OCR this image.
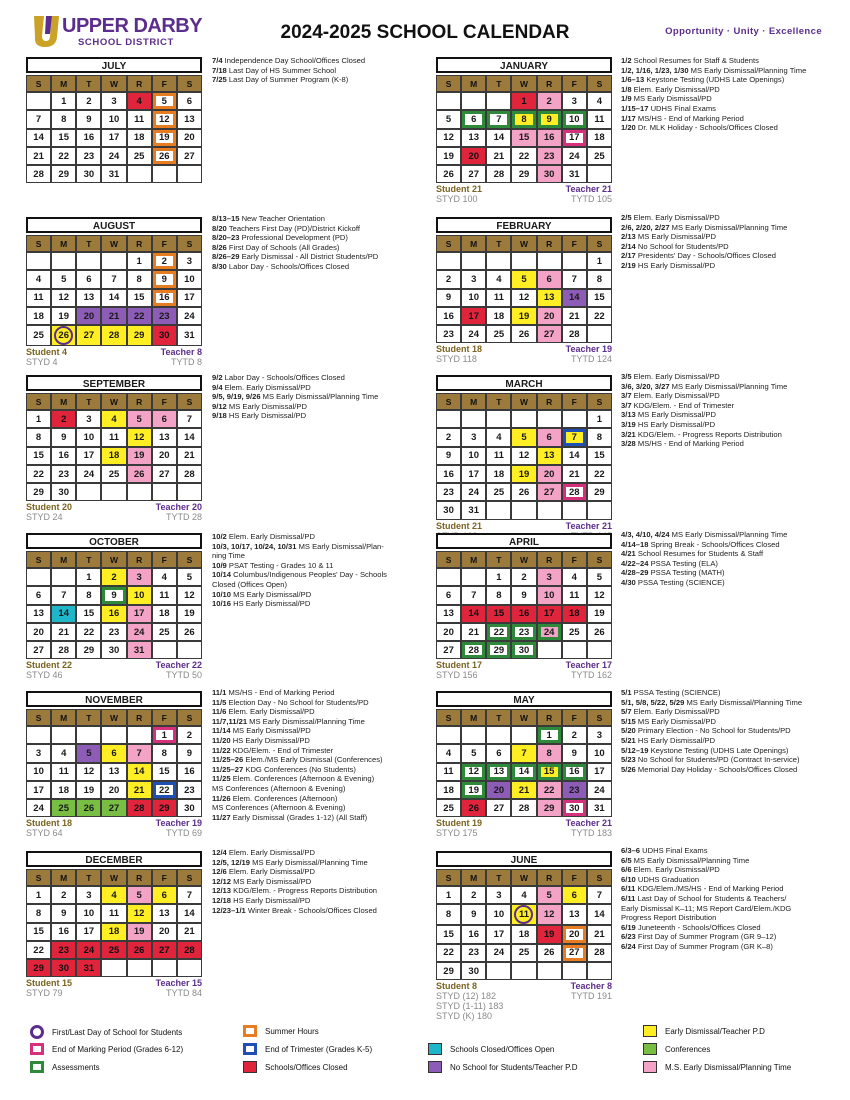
UPPER DARBY
SCHOOL DISTRICT	2024-2025 SCHOOL CALENDAR	Opportunity · Unity · Excellence
JULY
S	M	T	W	R	F	S
	1	2	3	4	5	6
7	8	9	10	11	12	13
14	15	16	17	18	19	20
21	22	23	24	25	26	27
28	29	30	31			
AUGUST
S	M	T	W	R	F	S
				1	2	3
4	5	6	7	8	9	10
11	12	13	14	15	16	17
18	19	20	21	22	23	24
25	26	27	28	29	30	31
Student 4
STYD 4
Teacher 8
TYTD 8
SEPTEMBER
S	M	T	W	R	F	S
1	2	3	4	5	6	7
8	9	10	11	12	13	14
15	16	17	18	19	20	21
22	23	24	25	26	27	28
29	30					
Student 20
STYD 24
Teacher 20
TYTD 28
OCTOBER
S	M	T	W	R	F	S
		1	2	3	4	5
6	7	8	9	10	11	12
13	14	15	16	17	18	19
20	21	22	23	24	25	26
27	28	29	30	31		
Student 22
STYD 46
Teacher 22
TYTD 50
NOVEMBER
S	M	T	W	R	F	S
					1	2
3	4	5	6	7	8	9
10	11	12	13	14	15	16
17	18	19	20	21	22	23
24	25	26	27	28	29	30
Student 18
STYD 64
Teacher 19
TYTD 69
DECEMBER
S	M	T	W	R	F	S
1	2	3	4	5	6	7
8	9	10	11	12	13	14
15	16	17	18	19	20	21
22	23	24	25	26	27	28
29	30	31				
Student 15
STYD 79
Teacher 15
TYTD 84
JANUARY
S	M	T	W	R	F	S
			1	2	3	4
5	6	7	8	9	10	11
12	13	14	15	16	17	18
19	20	21	22	23	24	25
26	27	28	29	30	31	
Student 21
STYD 100
Teacher 21
TYTD 105
FEBRUARY
S	M	T	W	R	F	S
						1
2	3	4	5	6	7	8
9	10	11	12	13	14	15
16	17	18	19	20	21	22
23	24	25	26	27	28	
Student 18
STYD 118
Teacher 19
TYTD 124
MARCH
S	M	T	W	R	F	S
						1
2	3	4	5	6	7	8
9	10	11	12	13	14	15
16	17	18	19	20	21	22
23	24	25	26	27	28	29
30	31					
Student 21	Teacher 21
APRIL
S	M	T	W	R	F	S
		1	2	3	4	5
6	7	8	9	10	11	12
13	14	15	16	17	18	19
20	21	22	23	24	25	26
27	28	29	30			
Student 17
STYD 156
Teacher 17
TYTD 162
MAY
S	M	T	W	R	F	S
				1	2	3
4	5	6	7	8	9	10
11	12	13	14	15	16	17
18	19	20	21	22	23	24
25	26	27	28	29	30	31
Student 19
STYD 175
Teacher 21
TYTD 183
JUNE
S	M	T	W	R	F	S
1	2	3	4	5	6	7
8	9	10	11	12	13	14
15	16	17	18	19	20	21
22	23	24	25	26	27	28
29	30					
Student 8
STYD (12) 182
Teacher 8
TYTD 191
STYD (1-11) 183
STYD (K) 180
7/4 Independence Day School/Offices Closed
7/18 Last Day of HS Summer School
7/25 Last Day of Summer Program (K-8)
8/13–15 New Teacher Orientation
8/20 Teachers First Day (PD)/District Kickoff
8/20–23 Professional Development (PD)
8/26 First Day of Schools (All Grades)
8/26–29 Early Dismissal - All District Students/PD
8/30 Labor Day - Schools/Offices Closed
9/2 Labor Day - Schools/Offices Closed
9/4 Elem. Early Dismissal/PD
9/5, 9/19, 9/26 MS Early Dismissal/Planning Time
9/12 MS Early Dismissal/PD
9/18 HS Early Dismissal/PD
10/2 Elem. Early Dismissal/PD
10/3, 10/17, 10/24, 10/31 MS Early Dismissal/Plan-
ning Time
10/9 PSAT Testing - Grades 10 & 11
10/14 Columbus/Indigenous Peoples' Day - Schools
Closed (Offices Open)
10/10 MS Early Dismissal/PD
10/16 HS Early Dismissal/PD
11/1 MS/HS - End of Marking Period
11/5 Election Day - No School for Students/PD
11/6 Elem. Early Dismissal/PD
11/7,11/21 MS Early Dismissal/Planning Time
11/14 MS Early Dismissal/PD
11/20 HS Early Dismissal/PD
11/22 KDG/Elem. - End of Trimester
11/25–26 Elem./MS Early Dismissal (Conferences)
11/25–27 KDG Conferences (No Students)
11/25 Elem. Conferences (Afternoon & Evening)
MS Conferences (Afternoon & Evening)
11/26 Elem. Conferences (Afternoon)
MS Conferences (Afternoon & Evening)
11/27 Early Dismissal (Grades 1-12) (All Staff)
12/4 Elem. Early Dismissal/PD
12/5, 12/19 MS Early Dismissal/Planning Time
12/6 Elem. Early Dismissal/PD
12/12 MS Early Dismissal/PD
12/13 KDG/Elem. - Progress Reports Distribution
12/18 HS Early Dismissal/PD
12/23–1/1 Winter Break - Schools/Offices Closed
1/2 School Resumes for Staff & Students
1/2, 1/16, 1/23, 1/30 MS Early Dismissal/Planning Time
1/6–13 Keystone Testing (UDHS Late Openings)
1/8 Elem. Early Dismissal/PD
1/9 MS Early Dismissal/PD
1/15–17 UDHS Final Exams
1/17 MS/HS - End of Marking Period
1/20 Dr. MLK Holiday - Schools/Offices Closed
2/5 Elem. Early Dismissal/PD
2/6, 2/20, 2/27 MS Early Dismissal/Planning Time
2/13 MS Early Dismissal/PD
2/14 No School for Students/PD
2/17 Presidents' Day - Schools/Offices Closed
2/19 HS Early Dismissal/PD
3/5 Elem. Early Dismissal/PD
3/6, 3/20, 3/27 MS Early Dismissal/Planning Time
3/7 Elem. Early Dismissal/PD
3/7 KDG/Elem. - End of Trimester
3/13 MS Early Dismissal/PD
3/19 HS Early Dismissal/PD
3/21 KDG/Elem. - Progress Reports Distribution
3/28 MS/HS - End of Marking Period
4/3, 4/10, 4/24 MS Early Dismissal/Planning Time
4/14–18 Spring Break - Schools/Offices Closed
4/21 School Resumes for Students & Staff
4/22–24 PSSA Testing (ELA)
4/28–29 PSSA Testing (MATH)
4/30 PSSA Testing (SCIENCE)
5/1 PSSA Testing (SCIENCE)
5/1, 5/8, 5/22, 5/29 MS Early Dismissal/Planning Time
5/7 Elem. Early Dismissal/PD
5/15 MS Early Dismissal/PD
5/20 Primary Election - No School for Students/PD
5/21 HS Early Dismissal/PD
5/12–19 Keystone Testing (UDHS Late Openings)
5/23 No School for Students/PD (Contract In-service)
5/26 Memorial Day Holiday - Schools/Offices Closed
6/3–6 UDHS Final Exams
6/5 MS Early Dismissal/Planning Time
6/6 Elem. Early Dismissal/PD
6/10 UDHS Graduation
6/11 KDG/Elem./MS/HS - End of Marking Period
6/11 Last Day of School for Students & Teachers/
Early Dismissal K–11; MS Report Card/Elem./KDG
Progress Report Distribution
6/19 Juneteenth - Schools/Offices Closed
6/23 First Day of Summer Program (GR 9–12)
6/24 First Day of Summer Program (GR K–8)
First/Last Day of School for Students
End of Marking Period (Grades 6-12)
Assessments
Summer Hours
End of Trimester (Grades K-5)
Schools/Offices Closed
Schools Closed/Offices Open
No School for Students/Teacher P.D
Early Dismissal/Teacher P.D
Conferences
M.S. Early Dismissal/Planning Time
